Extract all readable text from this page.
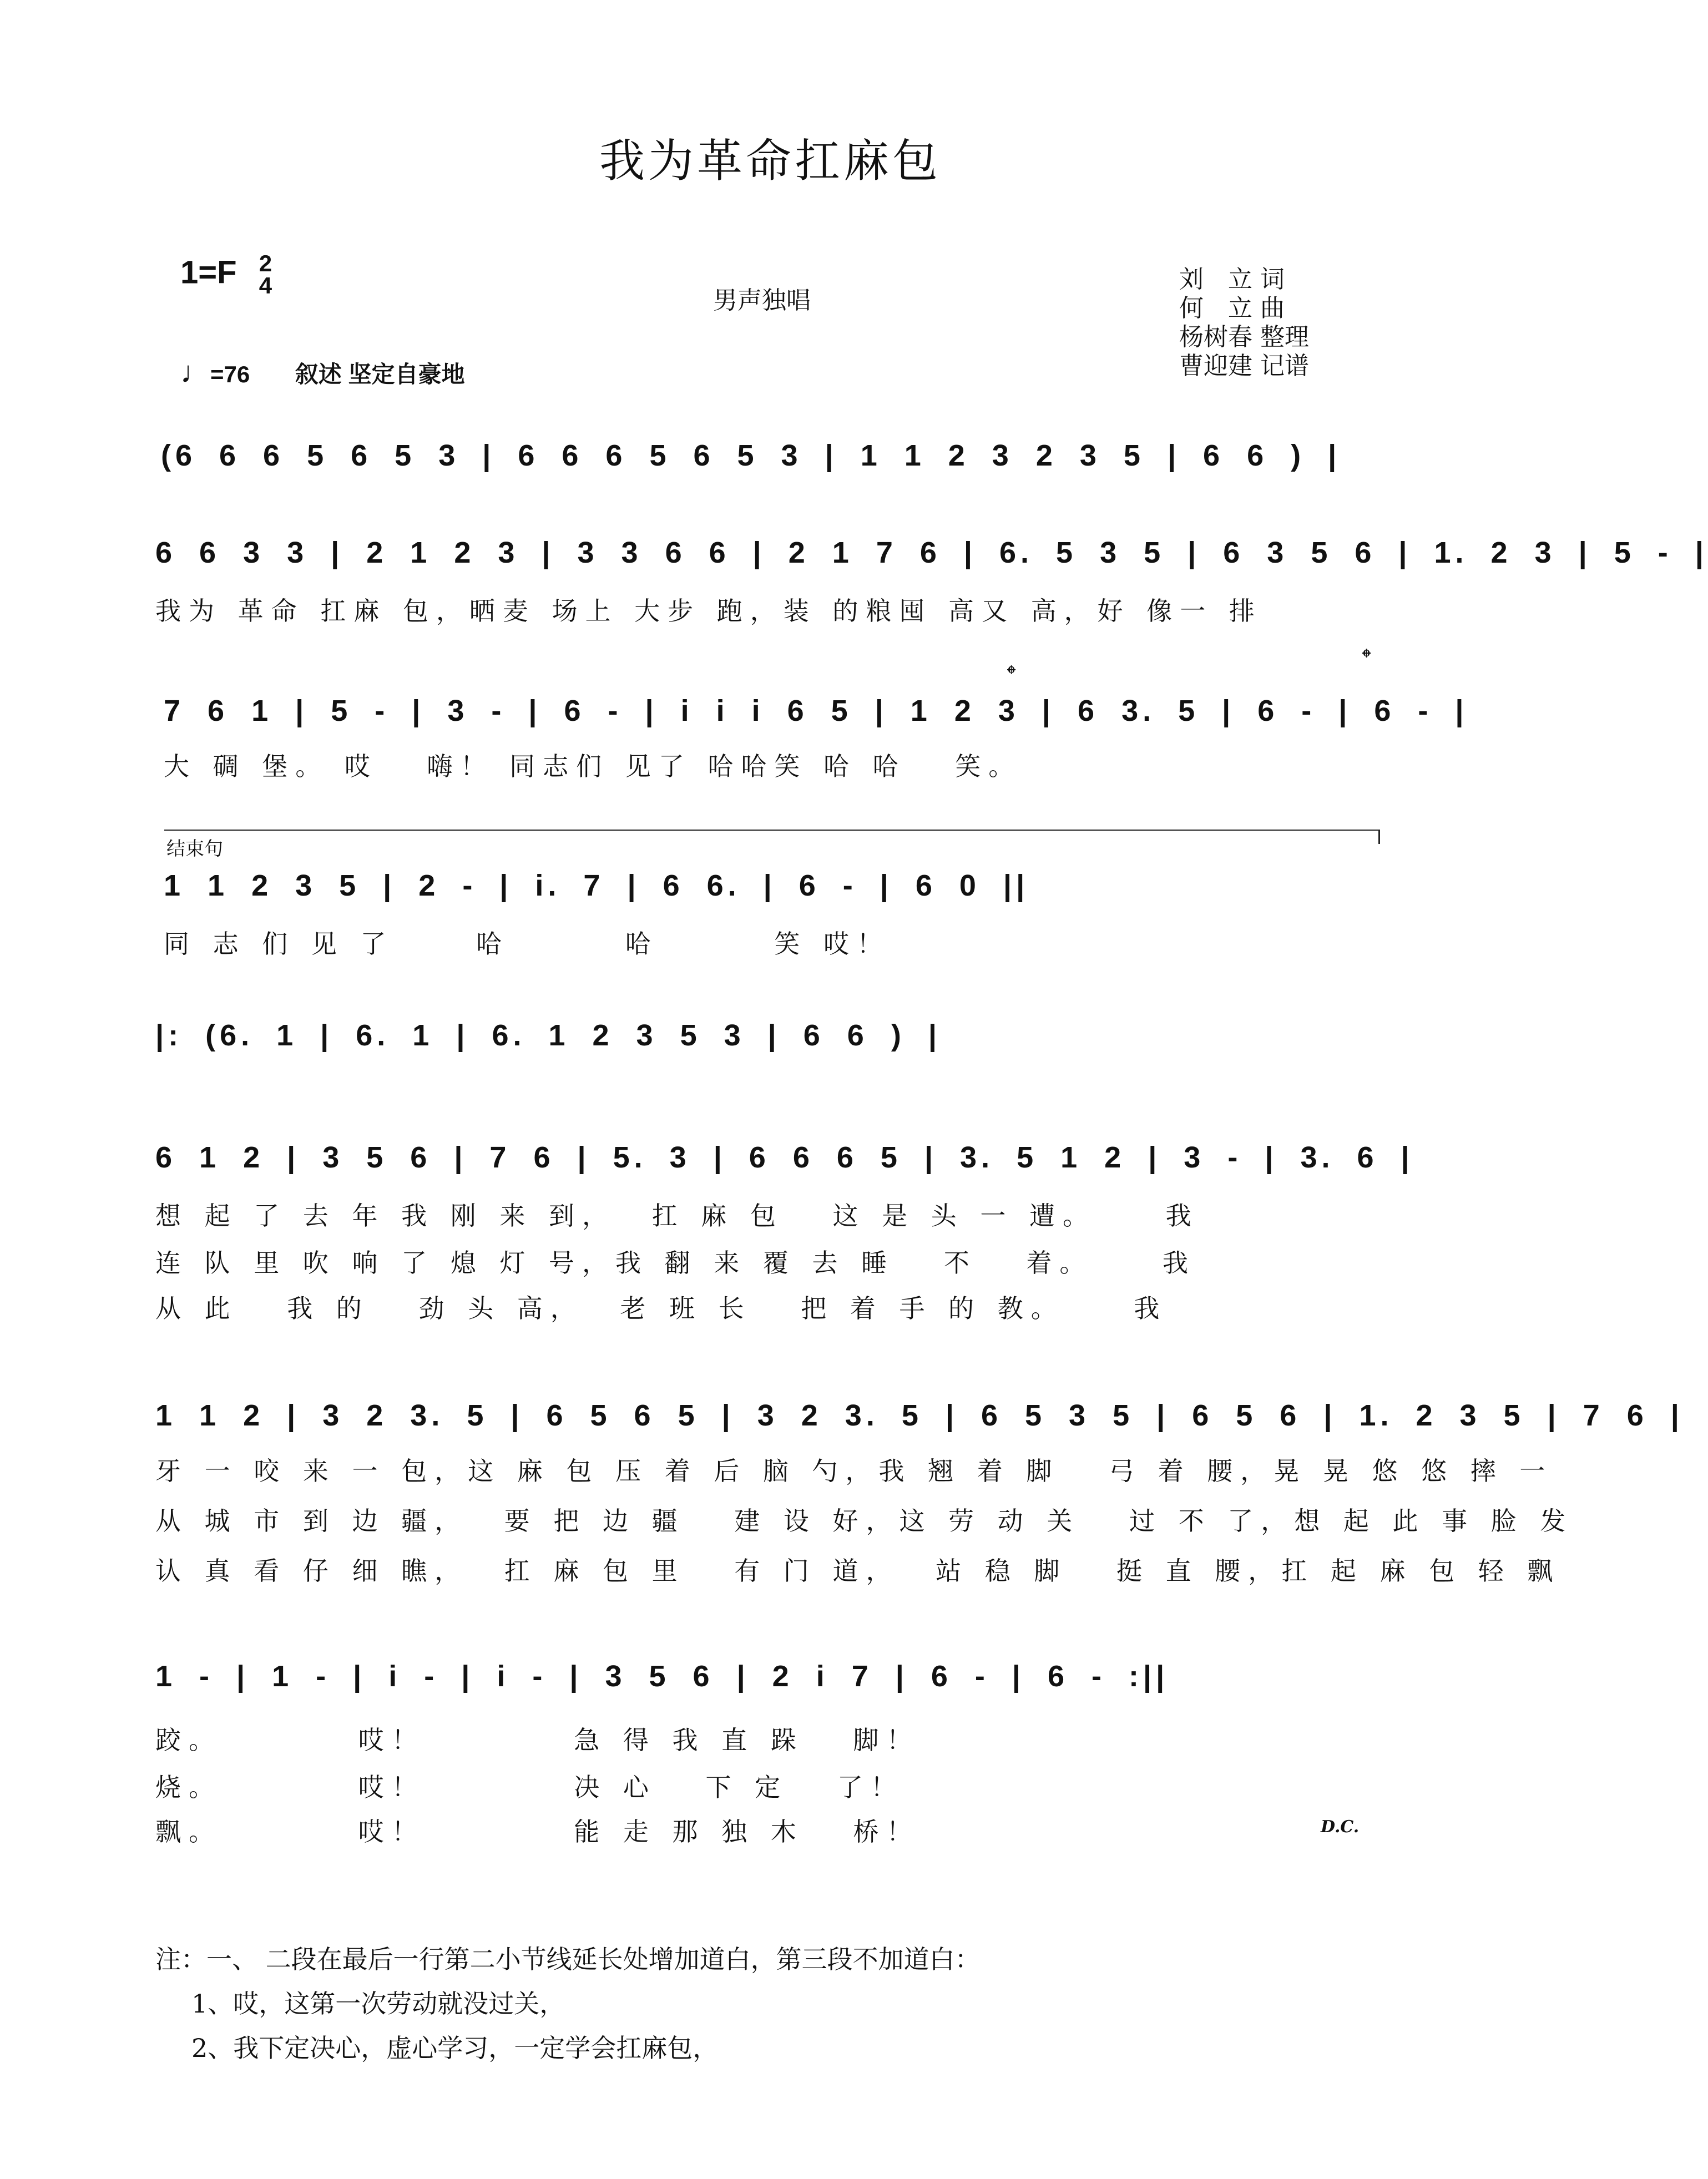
我为革命扛麻包
1=F 2
4
男声独唱
刘　立 词
何　立 曲
杨树春 整理
曹迎建 记谱
♩=76 叙述 坚定自豪地
(6 6 6 5 6 5 3 | 6 6 6 5 6 5 3 | 1 1 2 3 2 3 5 | 6 6 ) |
6 6 3 3 | 2 1 2 3 | 3 3 6 6 | 2 1 7 6 | 6. 5 3 5 | 6 3 5 6 | 1. 2 3 | 5 - |
我为 革命 扛麻 包，晒麦 场上 大步 跑，装 的粮囤 高又 高，好 像一 排
7 6 1 | 5 - | 3 - | 6 - | i i i 6 5 | 1 2 3 | 6 3. 5 | 6 - | 6 - |
𝄌
𝄌
大 碉 堡。 哎　 嗨！ 同志们 见了 哈哈笑 哈 哈　 笑。
结束句
1 1 2 3 5 | 2 - | i. 7 | 6 6. | 6 - | 6 0 ||
同 志 们 见 了　　 哈　　　 哈　　　 笑 哎！
|: (6. 1 | 6. 1 | 6. 1 2 3 5 3 | 6 6 ) |
6 1 2 | 3 5 6 | 7 6 | 5. 3 | 6 6 6 5 | 3. 5 1 2 | 3 - | 3. 6 |
想 起 了 去 年 我 刚 来 到，　 扛 麻 包　 这 是 头 一 遭。　　 我
连 队 里 吹 响 了 熄 灯 号，我 翻 来 覆 去 睡　 不　 着。　　 我
从 此　 我 的　 劲 头 高，　 老 班 长　 把 着 手 的 教。　　 我
1 1 2 | 3 2 3. 5 | 6 5 6 5 | 3 2 3. 5 | 6 5 3 5 | 6 5 6 | 1. 2 3 5 | 7 6 |
牙 一 咬 来 一 包，这 麻 包 压 着 后 脑 勺，我 翘 着 脚　 弓 着 腰，晃 晃 悠 悠 摔 一
从 城 市 到 边 疆，　 要 把 边 疆　 建 设 好，这 劳 动 关　 过 不 了，想 起 此 事 脸 发
认 真 看 仔 细 瞧，　 扛 麻 包 里　 有 门 道，　 站 稳 脚　 挺 直 腰，扛 起 麻 包 轻 飘
1 - | 1 - | i - | i - | 3 5 6 | 2 i 7 | 6 - | 6 - :||
跤。　　　　 哎！　　　　 急 得 我 直 跺　 脚！
烧。　　　　 哎！　　　　 决 心　 下 定　 了！
飘。　　　　 哎！　　　　 能 走 那 独 木　 桥！	D.C.
注：一、 二段在最后一行第二小节线延长处增加道白，第三段不加道白：
1、哎，这第一次劳动就没过关，
2、我下定决心，虚心学习，一定学会扛麻包，
